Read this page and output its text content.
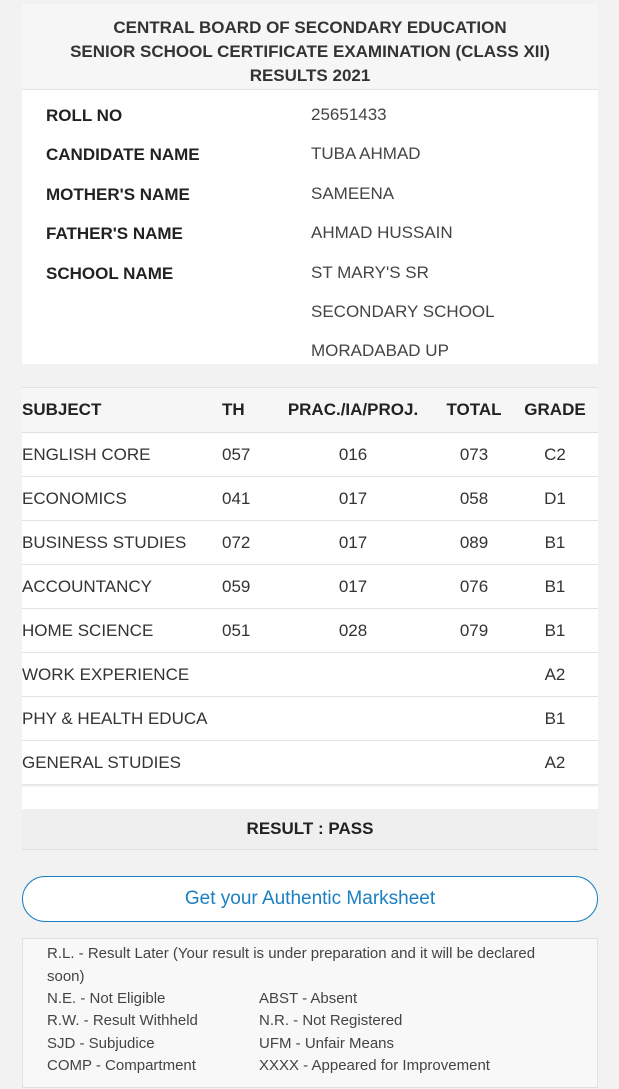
CENTRAL BOARD OF SECONDARY EDUCATION
SENIOR SCHOOL CERTIFICATE EXAMINATION (CLASS XII)
RESULTS 2021
ROLL NO	25651433
CANDIDATE NAME	TUBA AHMAD
MOTHER'S NAME	SAMEENA
FATHER'S NAME	AHMAD HUSSAIN
SCHOOL NAME	ST MARY'S SR
SECONDARY SCHOOL
MORADABAD UP
SUBJECT	TH	PRAC./IA/PROJ.	TOTAL	GRADE
ENGLISH CORE	057	016	073	C2
ECONOMICS	041	017	058	D1
BUSINESS STUDIES	072	017	089	B1
ACCOUNTANCY	059	017	076	B1
HOME SCIENCE	051	028	079	B1
WORK EXPERIENCE				A2
PHY & HEALTH EDUCA				B1
GENERAL STUDIES				A2
RESULT : PASS
Get your Authentic Marksheet
R.L. - Result Later (Your result is under preparation and it will be declared soon)
N.E. - Not Eligible	ABST - Absent
R.W. - Result Withheld	N.R. - Not Registered
SJD - Subjudice	UFM - Unfair Means
COMP - Compartment	XXXX - Appeared for Improvement
